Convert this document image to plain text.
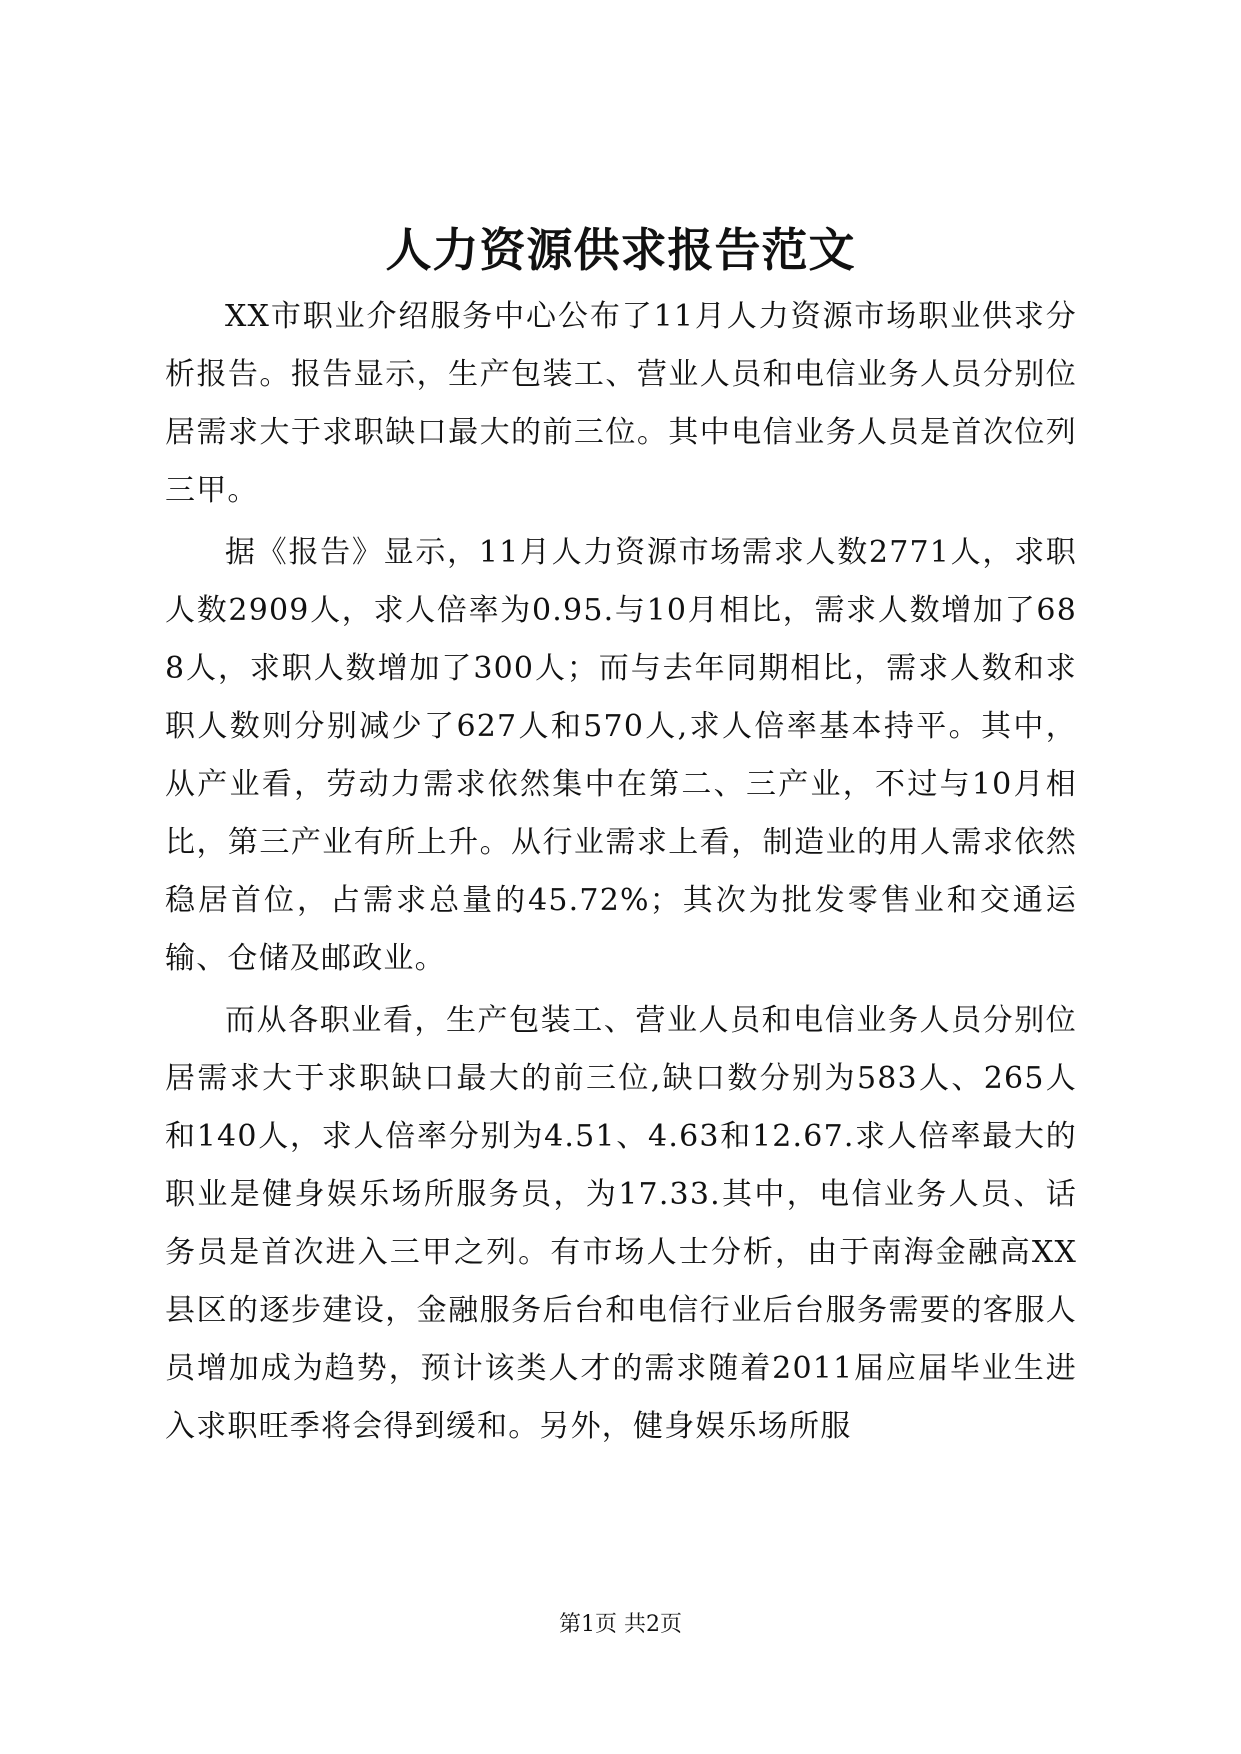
人力资源供求报告范文

XX市职业介绍服务中心公布了11月人力资源市场职业供求分析报告。报告显示，生产包装工、营业人员和电信业务人员分别位居需求大于求职缺口最大的前三位。其中电信业务人员是首次位列三甲。

据《报告》显示，11月人力资源市场需求人数2771人，求职人数2909人，求人倍率为0.95.与10月相比，需求人数增加了688人，求职人数增加了300人；而与去年同期相比，需求人数和求职人数则分别减少了627人和570人,求人倍率基本持平。其中，从产业看，劳动力需求依然集中在第二、三产业，不过与10月相比，第三产业有所上升。从行业需求上看，制造业的用人需求依然稳居首位，占需求总量的45.72%；其次为批发零售业和交通运输、仓储及邮政业。

而从各职业看，生产包装工、营业人员和电信业务人员分别位居需求大于求职缺口最大的前三位,缺口数分别为583人、265人和140人，求人倍率分别为4.51、4.63和12.67.求人倍率最大的职业是健身娱乐场所服务员，为17.33.其中，电信业务人员、话务员是首次进入三甲之列。有市场人士分析，由于南海金融高XX县区的逐步建设，金融服务后台和电信行业后台服务需要的客服人员增加成为趋势，预计该类人才的需求随着2011届应届毕业生进入求职旺季将会得到缓和。另外，健身娱乐场所服

第1页 共2页
